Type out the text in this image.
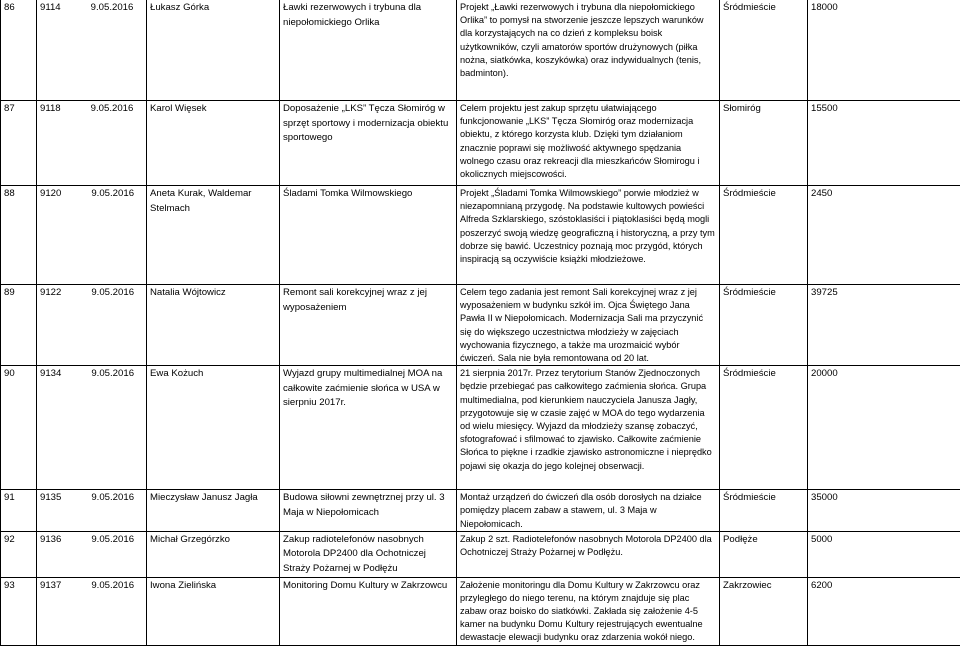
86	9114 9.05.2016	Łukasz Górka	Ławki rezerwowych i trybuna dla niepołomickiego Orlika	Projekt „Ławki rezerwowych i trybuna dla niepołomickiego Orlika” to pomysł na stworzenie jeszcze lepszych warunków dla korzystających na co dzień z kompleksu boisk użytkowników, czyli amatorów sportów drużynowych (piłka nożna, siatkówka, koszykówka) oraz indywidualnych (tenis, badminton).	Śródmieście	18000
87	9118 9.05.2016	Karol Więsek	Doposażenie „LKS” Tęcza Słomiróg w sprzęt sportowy i modernizacja obiektu sportowego	Celem projektu jest zakup sprzętu ułatwiającego funkcjonowanie „LKS” Tęcza Słomiróg oraz modernizacja obiektu, z którego korzysta klub. Dzięki tym działaniom znacznie poprawi się możliwość aktywnego spędzania wolnego czasu oraz rekreacji dla mieszkańców Słomirogu i okolicznych miejscowości.	Słomiróg	15500
88	9120 9.05.2016	Aneta Kurak, Waldemar Stelmach	Śladami Tomka Wilmowskiego	Projekt „Śladami Tomka Wilmowskiego” porwie młodzież w niezapomnianą przygodę. Na podstawie kultowych powieści Alfreda Szklarskiego, szóstoklasiści i piątoklasiści będą mogli poszerzyć swoją wiedzę geograficzną i historyczną, a przy tym dobrze się bawić. Uczestnicy poznają moc przygód, których inspiracją są oczywiście książki młodzieżowe.	Śródmieście	2450
89	9122 9.05.2016	Natalia Wójtowicz	Remont sali korekcyjnej wraz z jej wyposażeniem	Celem tego zadania jest remont Sali korekcyjnej wraz z jej wyposażeniem w budynku szkół im. Ojca Świętego Jana Pawła II w Niepołomicach. Modernizacja Sali ma przyczynić się do większego uczestnictwa młodzieży w zajęciach wychowania fizycznego, a także ma urozmaicić wybór ćwiczeń. Sala nie była remontowana od 20 lat.	Śródmieście	39725
90	9134 9.05.2016	Ewa Kożuch	Wyjazd grupy multimedialnej MOA na całkowite zaćmienie słońca w USA w sierpniu 2017r.	21 sierpnia 2017r. Przez terytorium Stanów Zjednoczonych będzie przebiegać pas całkowitego zaćmienia słońca. Grupa multimedialna, pod kierunkiem nauczyciela Janusza Jagły, przygotowuje się w czasie zajęć w MOA do tego wydarzenia od wielu miesięcy. Wyjazd da młodzieży szansę zobaczyć, sfotografować i sfilmować to zjawisko. Całkowite zaćmienie Słońca to piękne i rzadkie zjawisko astronomiczne i nieprędko pojawi się okazja do jego kolejnej obserwacji.	Śródmieście	20000
91	9135 9.05.2016	Mieczysław Janusz Jagła	Budowa siłowni zewnętrznej przy ul. 3 Maja w Niepołomicach	Montaż urządzeń do ćwiczeń dla osób dorosłych na działce pomiędzy placem zabaw a stawem, ul. 3 Maja w Niepołomicach.	Śródmieście	35000
92	9136 9.05.2016	Michał Grzegórzko	Zakup radiotelefonów nasobnych Motorola DP2400 dla Ochotniczej Straży Pożarnej w Podłężu	Zakup 2 szt. Radiotelefonów nasobnych Motorola DP2400 dla Ochotniczej Straży Pożarnej w Podłężu.	Podłęże	5000
93	9137 9.05.2016	Iwona Zielińska	Monitoring Domu Kultury w Zakrzowcu	Założenie monitoringu dla Domu Kultury w Zakrzowcu oraz przyległego do niego terenu, na którym znajduje się plac zabaw oraz boisko do siatkówki. Zakłada się założenie 4-5 kamer na budynku Domu Kultury rejestrujących ewentualne dewastacje elewacji budynku oraz zdarzenia wokół niego.	Zakrzowiec	6200
